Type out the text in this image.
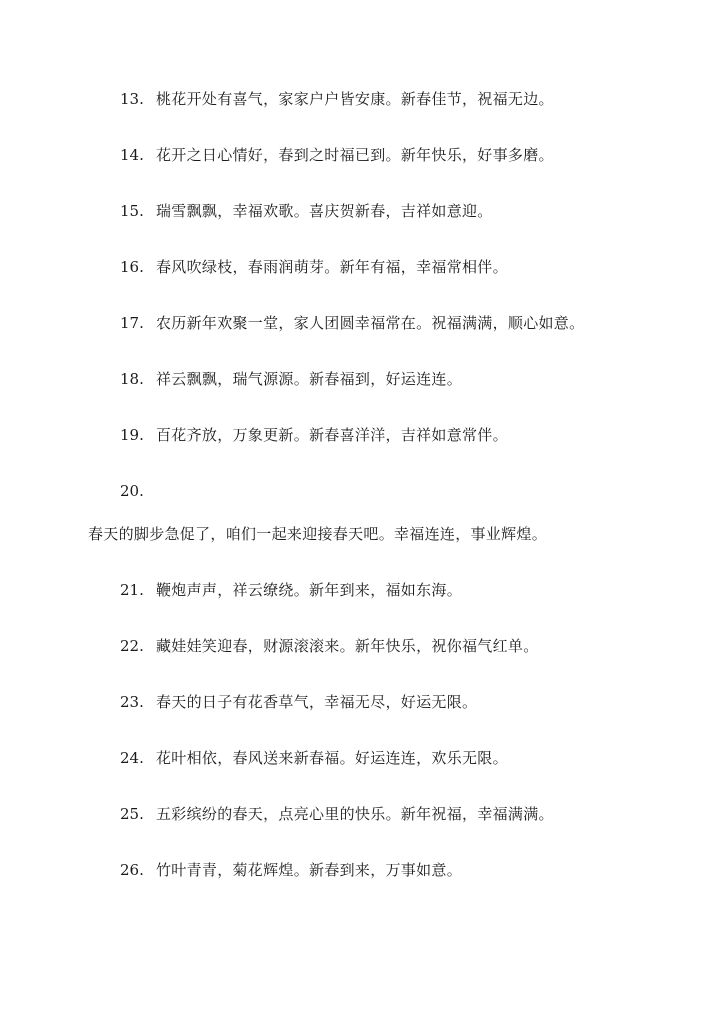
13. 桃花开处有喜气，家家户户皆安康。新春佳节，祝福无边。
14. 花开之日心情好，春到之时福已到。新年快乐，好事多磨。
15. 瑞雪飘飘，幸福欢歌。喜庆贺新春，吉祥如意迎。
16. 春风吹绿枝，春雨润萌芽。新年有福，幸福常相伴。
17. 农历新年欢聚一堂，家人团圆幸福常在。祝福满满，顺心如意。
18. 祥云飘飘，瑞气源源。新春福到，好运连连。
19. 百花齐放，万象更新。新春喜洋洋，吉祥如意常伴。
20.
春天的脚步急促了，咱们一起来迎接春天吧。幸福连连，事业辉煌。
21. 鞭炮声声，祥云缭绕。新年到来，福如东海。
22. 藏娃娃笑迎春，财源滚滚来。新年快乐，祝你福气红单。
23. 春天的日子有花香草气，幸福无尽，好运无限。
24. 花叶相依，春风送来新春福。好运连连，欢乐无限。
25. 五彩缤纷的春天，点亮心里的快乐。新年祝福，幸福满满。
26. 竹叶青青，菊花辉煌。新春到来，万事如意。
